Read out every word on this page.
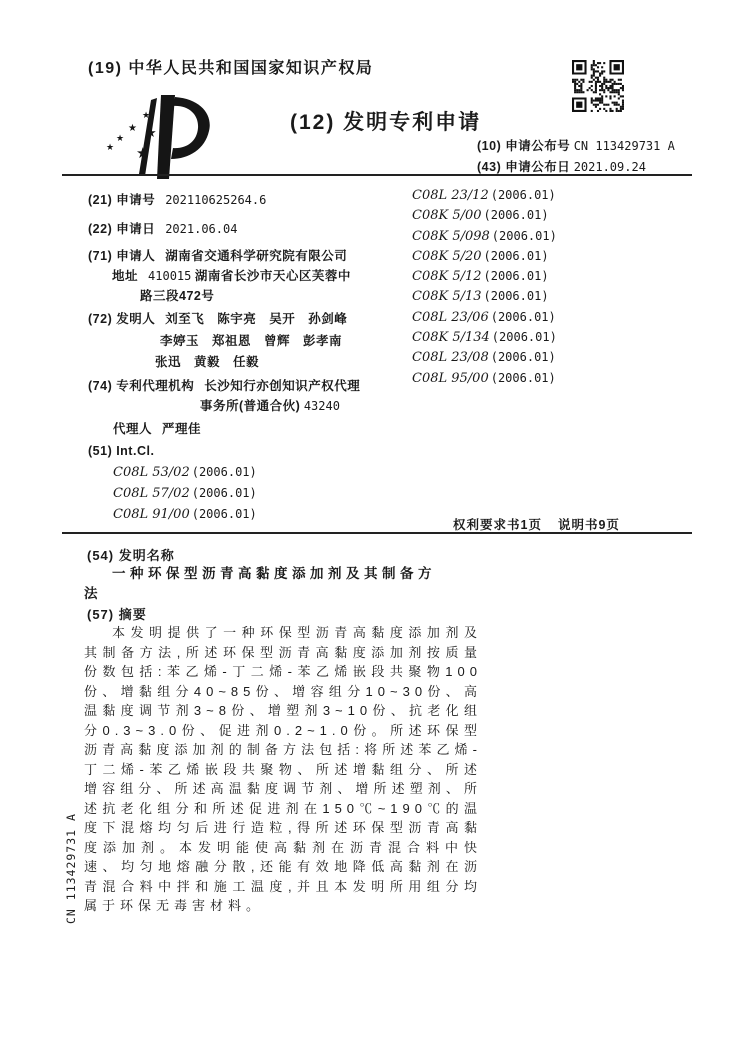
(19) 中华人民共和国国家知识产权局
★
★ ★
★
★ ★
(12) 发明专利申请
(10) 申请公布号 CN 113429731 A
(43) 申请公布日 2021.09.24
(21) 申请号 202110625264.6
(22) 申请日 2021.06.04
(71) 申请人 湖南省交通科学研究院有限公司
地址 410015 湖南省长沙市天心区芙蓉中
路三段472号
(72) 发明人 刘至飞　陈宇亮　吴开　孙剑峰
李婷玉　郑祖恩　曾辉　彭孝南
张迅　黄毅　任毅
(74) 专利代理机构 长沙知行亦创知识产权代理
事务所(普通合伙) 43240
代理人 严理佳
(51) Int.Cl.
C08L 53/02 (2006.01)
C08L 57/02 (2006.01)
C08L 91/00 (2006.01)
C08L 23/12 (2006.01)
C08K 5/00 (2006.01)
C08K 5/098 (2006.01)
C08K 5/20 (2006.01)
C08K 5/12 (2006.01)
C08K 5/13 (2006.01)
C08L 23/06 (2006.01)
C08K 5/134 (2006.01)
C08L 23/08 (2006.01)
C08L 95/00 (2006.01)
权利要求书1页 说明书9页
(54) 发明名称
一种环保型沥青高黏度添加剂及其制备方法
(57) 摘要
本发明提供了一种环保型沥青高黏度添加剂及其制备方法,所述环保型沥青高黏度添加剂按质量份数包括:苯乙烯-丁二烯-苯乙烯嵌段共聚物100份、增黏组分40~85份、增容组分10~30份、高温黏度调节剂3~8份、增塑剂3~10份、抗老化组分0.3~3.0份、促进剂0.2~1.0份。所述环保型沥青高黏度添加剂的制备方法包括:将所述苯乙烯-丁二烯-苯乙烯嵌段共聚物、所述增黏组分、所述增容组分、所述高温黏度调节剂、增所述塑剂、所述抗老化组分和所述促进剂在150℃~190℃的温度下混熔均匀后进行造粒,得所述环保型沥青高黏度添加剂。本发明能使高黏剂在沥青混合料中快速、均匀地熔融分散,还能有效地降低高黏剂在沥青混合料中拌和施工温度,并且本发明所用组分均属于环保无毒害材料。
CN 113429731 A
